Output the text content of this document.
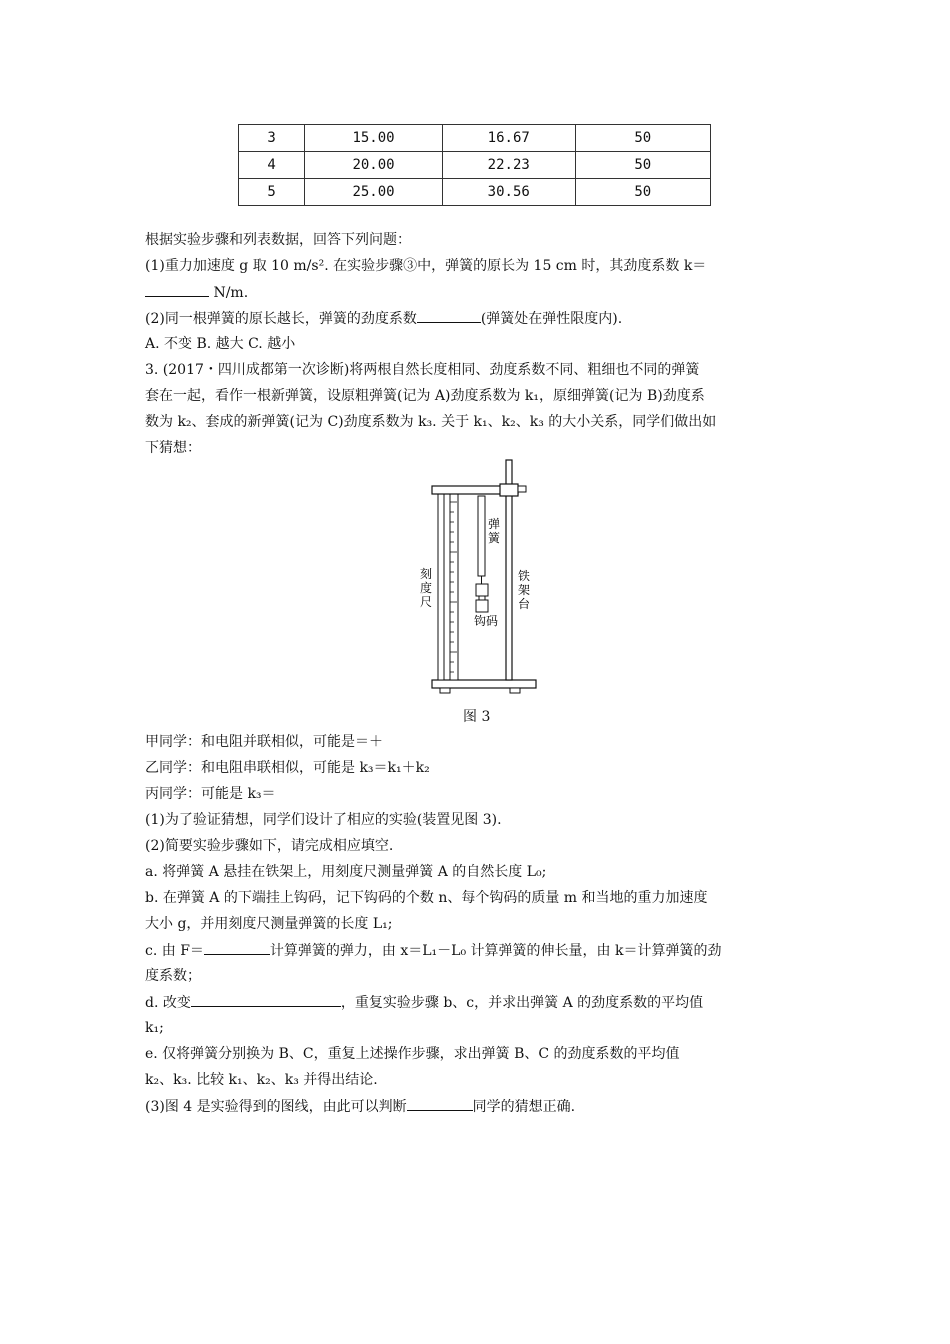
3	15.00	16.67	50
4	20.00	22.23	50
5	25.00	30.56	50
根据实验步骤和列表数据，回答下列问题：
(1)重力加速度 g 取 10 m/s². 在实验步骤③中，弹簧的原长为 15 cm 时，其劲度系数 k＝
N/m.
(2)同一根弹簧的原长越长，弹簧的劲度系数	(弹簧处在弹性限度内).
A. 不变 B. 越大 C. 越小
3. (2017・四川成都第一次诊断)将两根自然长度相同、劲度系数不同、粗细也不同的弹簧
套在一起，看作一根新弹簧，设原粗弹簧(记为 A)劲度系数为 k₁，原细弹簧(记为 B)劲度系
数为 k₂、套成的新弹簧(记为 C)劲度系数为 k₃. 关于 k₁、k₂、k₃ 的大小关系，同学们做出如
下猜想：
刻度尺
弹簧
铁架台
钩码
图 3
甲同学：和电阻并联相似，可能是＝＋
乙同学：和电阻串联相似，可能是 k₃＝k₁＋k₂
丙同学：可能是 k₃＝
(1)为了验证猜想，同学们设计了相应的实验(装置见图 3).
(2)简要实验步骤如下，请完成相应填空.
a. 将弹簧 A 悬挂在铁架上，用刻度尺测量弹簧 A 的自然长度 L₀;
b. 在弹簧 A 的下端挂上钩码，记下钩码的个数 n、每个钩码的质量 m 和当地的重力加速度
大小 g，并用刻度尺测量弹簧的长度 L₁;
c. 由 F＝	计算弹簧的弹力，由 x＝L₁－L₀ 计算弹簧的伸长量，由 k＝计算弹簧的劲
度系数；
d. 改变	，重复实验步骤 b、c，并求出弹簧 A 的劲度系数的平均值
k₁;
e. 仅将弹簧分别换为 B、C，重复上述操作步骤，求出弹簧 B、C 的劲度系数的平均值
k₂、k₃. 比较 k₁、k₂、k₃ 并得出结论.
(3)图 4 是实验得到的图线，由此可以判断	同学的猜想正确.
